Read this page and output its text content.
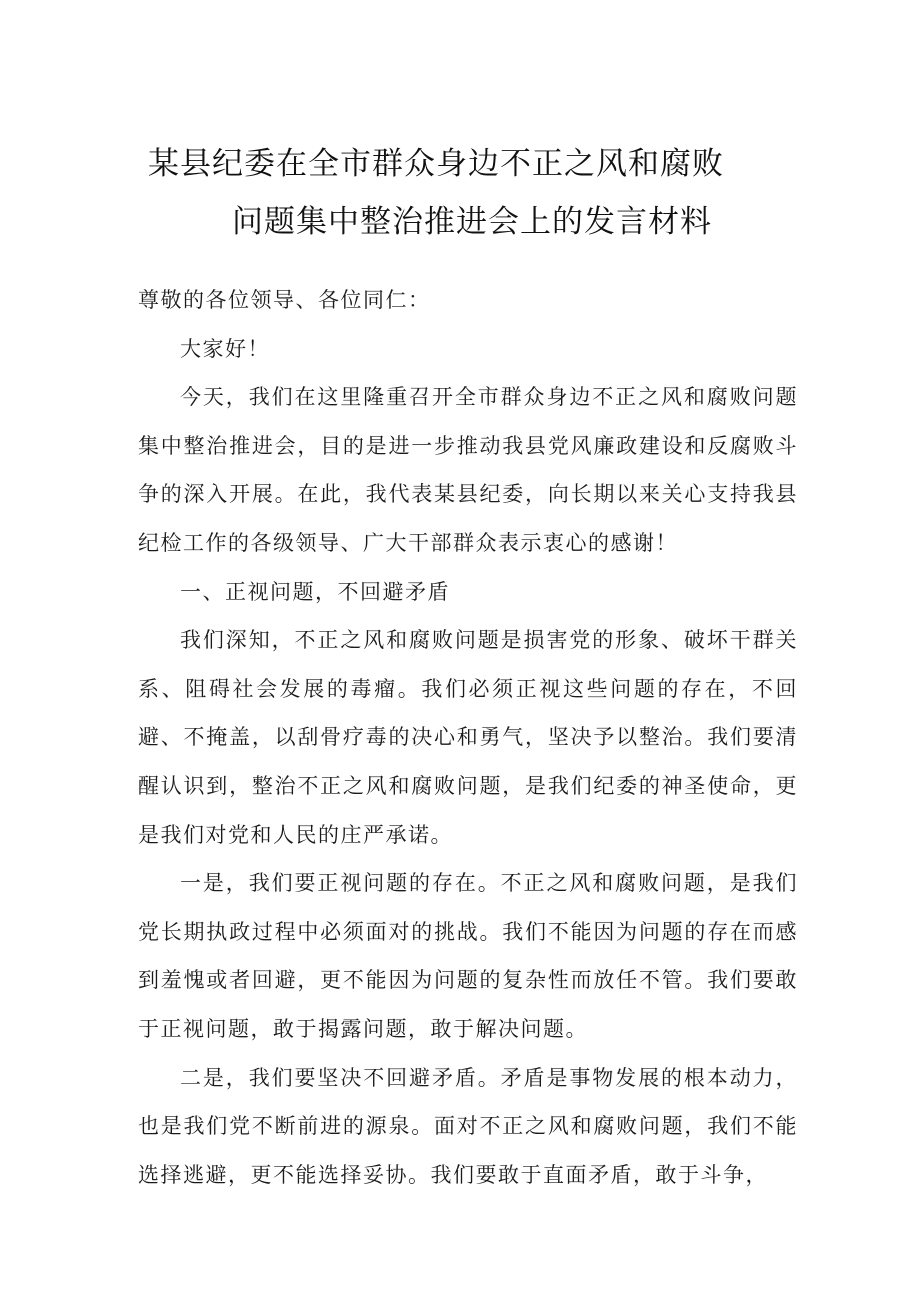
某县纪委在全市群众身边不正之风和腐败
问题集中整治推进会上的发言材料

尊敬的各位领导、各位同仁：

大家好！

今天，我们在这里隆重召开全市群众身边不正之风和腐败问题集中整治推进会，目的是进一步推动我县党风廉政建设和反腐败斗争的深入开展。在此，我代表某县纪委，向长期以来关心支持我县纪检工作的各级领导、广大干部群众表示衷心的感谢！

一、正视问题，不回避矛盾

我们深知，不正之风和腐败问题是损害党的形象、破坏干群关系、阻碍社会发展的毒瘤。我们必须正视这些问题的存在，不回避、不掩盖，以刮骨疗毒的决心和勇气，坚决予以整治。我们要清醒认识到，整治不正之风和腐败问题，是我们纪委的神圣使命，更是我们对党和人民的庄严承诺。

一是，我们要正视问题的存在。不正之风和腐败问题，是我们党长期执政过程中必须面对的挑战。我们不能因为问题的存在而感到羞愧或者回避，更不能因为问题的复杂性而放任不管。我们要敢于正视问题，敢于揭露问题，敢于解决问题。

二是，我们要坚决不回避矛盾。矛盾是事物发展的根本动力，也是我们党不断前进的源泉。面对不正之风和腐败问题，我们不能选择逃避，更不能选择妥协。我们要敢于直面矛盾，敢于斗争，
